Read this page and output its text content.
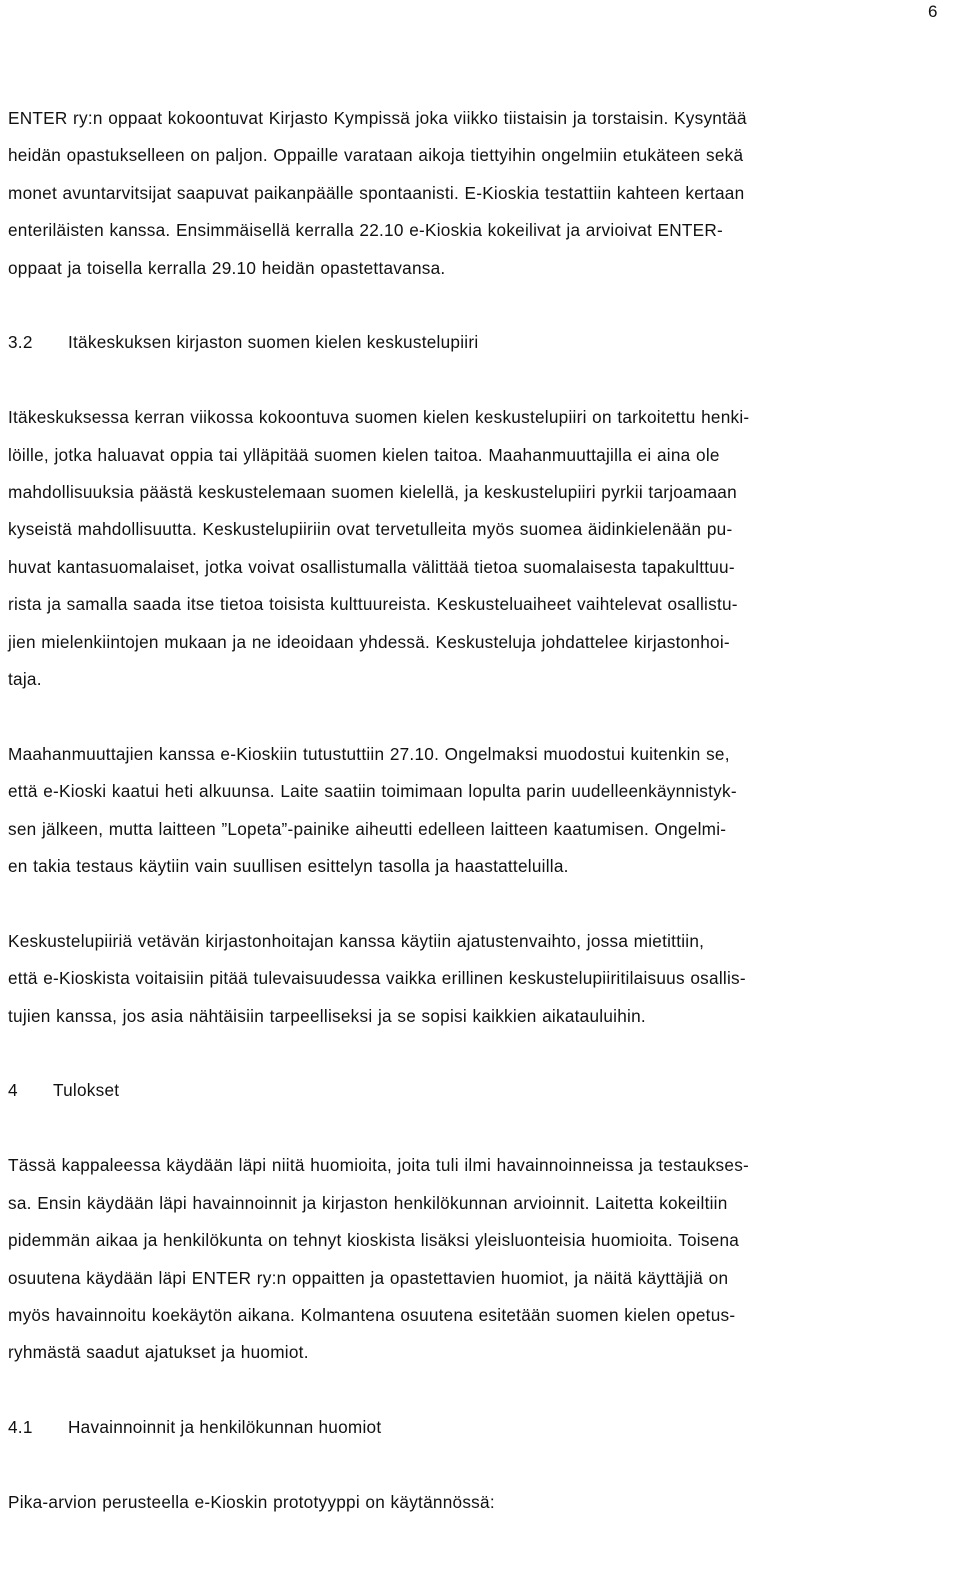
6

ENTER ry:n oppaat kokoontuvat Kirjasto Kympissä joka viikko tiistaisin ja torstaisin. Kysyntää
heidän opastukselleen on paljon. Oppaille varataan aikoja tiettyihin ongelmiin etukäteen sekä
monet avuntarvitsijat saapuvat paikanpäälle spontaanisti. E-Kioskia testattiin kahteen kertaan
enteriläisten kanssa. Ensimmäisellä kerralla 22.10 e-Kioskia kokeilivat ja arvioivat ENTER-
oppaat ja toisella kerralla 29.10 heidän opastettavansa.

3.2 Itäkeskuksen kirjaston suomen kielen keskustelupiiri

Itäkeskuksessa kerran viikossa kokoontuva suomen kielen keskustelupiiri on tarkoitettu henki-
löille, jotka haluavat oppia tai ylläpitää suomen kielen taitoa. Maahanmuuttajilla ei aina ole
mahdollisuuksia päästä keskustelemaan suomen kielellä, ja keskustelupiiri pyrkii tarjoamaan
kyseistä mahdollisuutta. Keskustelupiiriin ovat tervetulleita myös suomea äidinkielenään pu-
huvat kantasuomalaiset, jotka voivat osallistumalla välittää tietoa suomalaisesta tapakulttuu-
rista ja samalla saada itse tietoa toisista kulttuureista. Keskusteluaiheet vaihtelevat osallistu-
jien mielenkiintojen mukaan ja ne ideoidaan yhdessä. Keskusteluja johdattelee kirjastonhoi-
taja.

Maahanmuuttajien kanssa e-Kioskiin tutustuttiin 27.10. Ongelmaksi muodostui kuitenkin se,
että e-Kioski kaatui heti alkuunsa. Laite saatiin toimimaan lopulta parin uudelleenkäynnistyk-
sen jälkeen, mutta laitteen ”Lopeta”-painike aiheutti edelleen laitteen kaatumisen. Ongelmi-
en takia testaus käytiin vain suullisen esittelyn tasolla ja haastatteluilla.

Keskustelupiiriä vetävän kirjastonhoitajan kanssa käytiin ajatustenvaihto, jossa mietittiin,
että e-Kioskista voitaisiin pitää tulevaisuudessa vaikka erillinen keskustelupiiritilaisuus osallis-
tujien kanssa, jos asia nähtäisiin tarpeelliseksi ja se sopisi kaikkien aikatauluihin.

4 Tulokset

Tässä kappaleessa käydään läpi niitä huomioita, joita tuli ilmi havainnoinneissa ja testaukses-
sa. Ensin käydään läpi havainnoinnit ja kirjaston henkilökunnan arvioinnit. Laitetta kokeiltiin
pidemmän aikaa ja henkilökunta on tehnyt kioskista lisäksi yleisluonteisia huomioita. Toisena
osuutena käydään läpi ENTER ry:n oppaitten ja opastettavien huomiot, ja näitä käyttäjiä on
myös havainnoitu koekäytön aikana. Kolmantena osuutena esitetään suomen kielen opetus-
ryhmästä saadut ajatukset ja huomiot.

4.1 Havainnoinnit ja henkilökunnan huomiot

Pika-arvion perusteella e-Kioskin prototyyppi on käytännössä:
